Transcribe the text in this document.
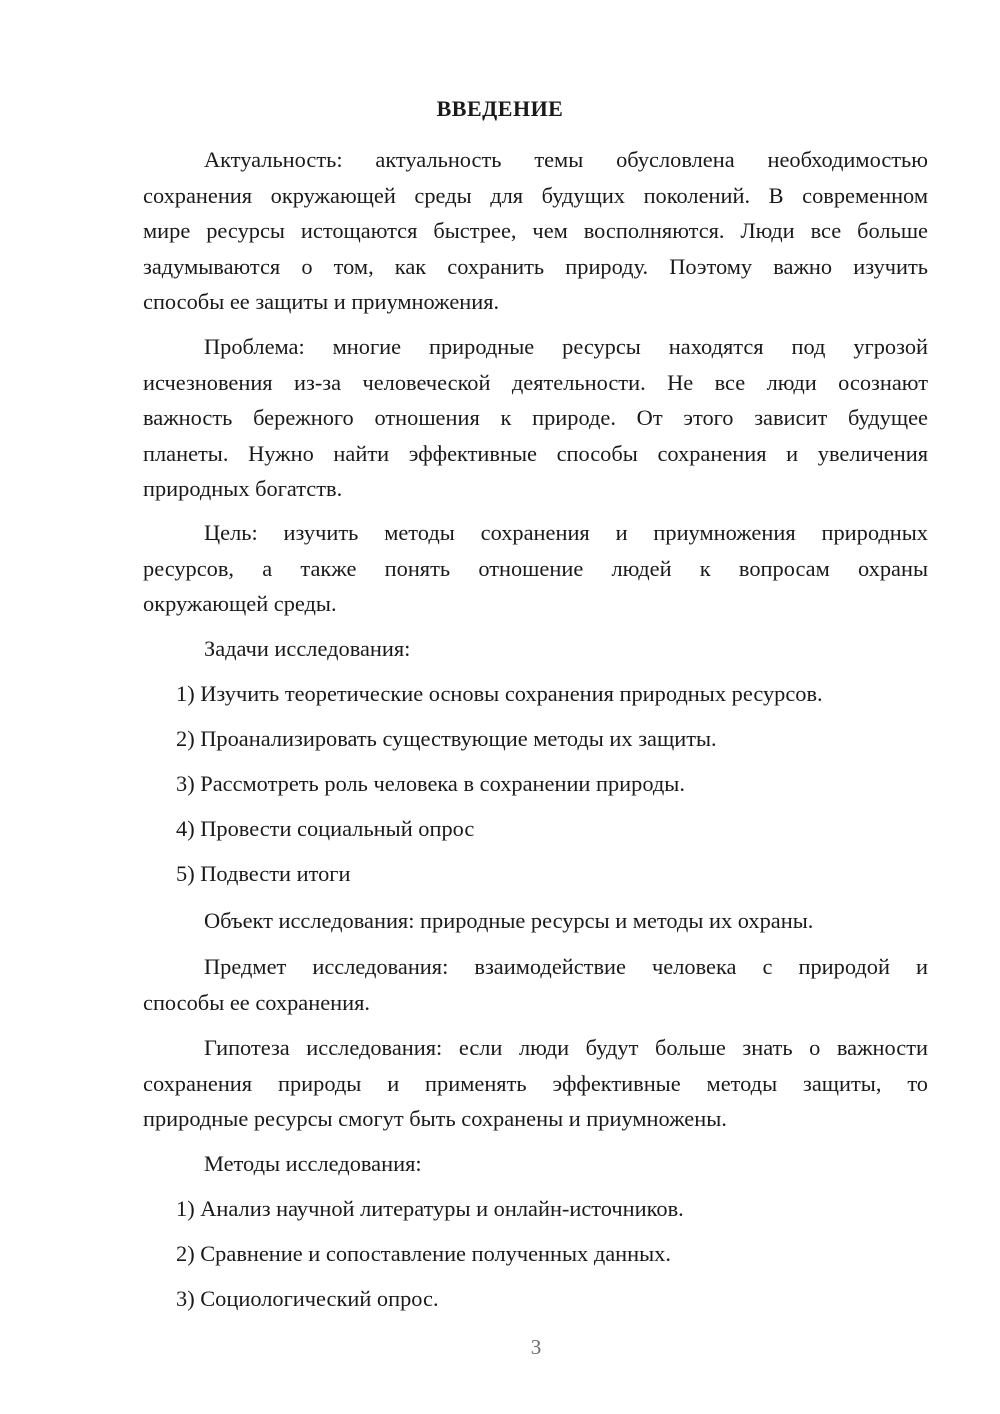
ВВЕДЕНИЕ
Актуальность: актуальность темы обусловлена необходимостью
сохранения окружающей среды для будущих поколений. В современном
мире ресурсы истощаются быстрее, чем восполняются. Люди все больше
задумываются о том, как сохранить природу. Поэтому важно изучить
способы ее защиты и приумножения.
Проблема: многие природные ресурсы находятся под угрозой
исчезновения из-за человеческой деятельности. Не все люди осознают
важность бережного отношения к природе. От этого зависит будущее
планеты. Нужно найти эффективные способы сохранения и увеличения
природных богатств.
Цель: изучить методы сохранения и приумножения природных
ресурсов, а также понять отношение людей к вопросам охраны
окружающей среды.
Задачи исследования:
1) Изучить теоретические основы сохранения природных ресурсов.
2) Проанализировать существующие методы их защиты.
3) Рассмотреть роль человека в сохранении природы.
4) Провести социальный опрос
5) Подвести итоги
Объект исследования: природные ресурсы и методы их охраны.
Предмет исследования: взаимодействие человека с природой и
способы ее сохранения.
Гипотеза исследования: если люди будут больше знать о важности
сохранения природы и применять эффективные методы защиты, то
природные ресурсы смогут быть сохранены и приумножены.
Методы исследования:
1) Анализ научной литературы и онлайн-источников.
2) Сравнение и сопоставление полученных данных.
3) Социологический опрос.
3
